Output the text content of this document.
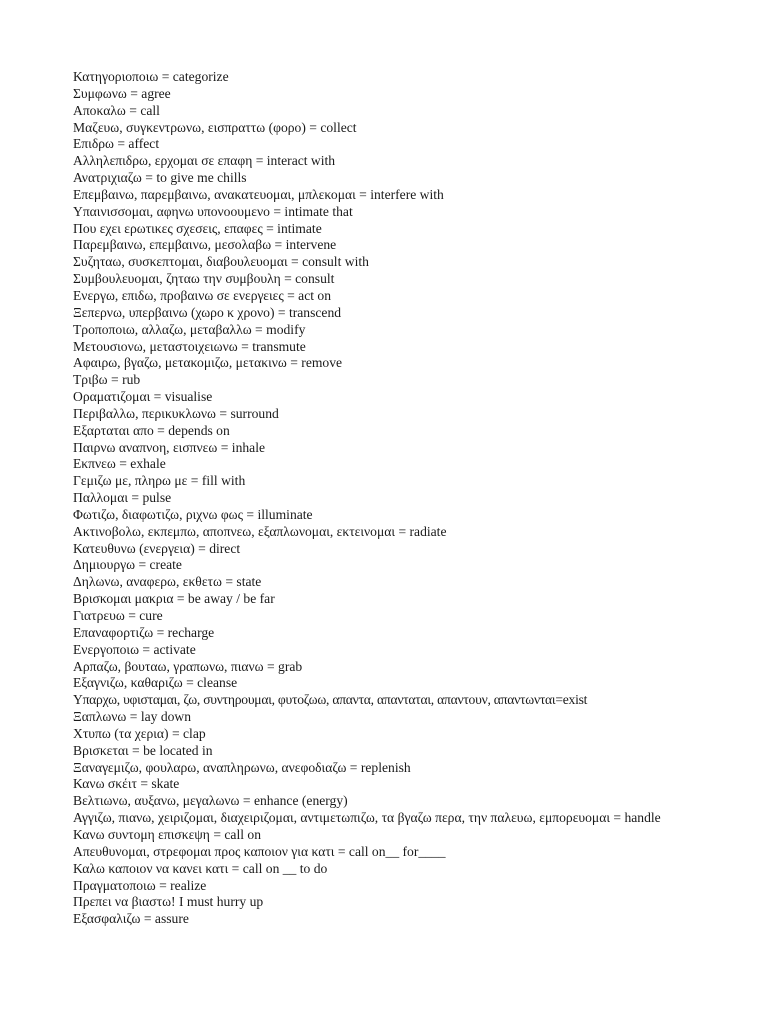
Κατηγοριοποιω = categorize
Συμφωνω = agree
Αποκαλω = call
Μαζευω, συγκεντρωνω, εισπραττω (φορο) = collect
Επιδρω = affect
Αλληλεπιδρω, ερχομαι σε επαφη = interact with
Ανατριχιαζω = to give me chills
Επεμβαινω, παρεμβαινω, ανακατευομαι, μπλεκομαι = interfere with
Υπαινισσομαι, αφηνω υπονοουμενο = intimate that
Που εχει ερωτικες σχεσεις, επαφες = intimate
Παρεμβαινω, επεμβαινω, μεσολαβω = intervene
Συζηταω, συσκεπτομαι, διαβουλευομαι = consult with
Συμβουλευομαι, ζηταω την συμβουλη = consult
Ενεργω, επιδω, προβαινω σε ενεργειες = act on
Ξεπερνω, υπερβαινω (χωρο κ χρονο) = transcend
Τροποποιω, αλλαζω, μεταβαλλω = modify
Μετουσιονω, μεταστοιχειωνω = transmute
Αφαιρω, βγαζω, μετακομιζω, μετακινω = remove
Τριβω = rub
Οραματιζομαι = visualise
Περιβαλλω, περικυκλωνω = surround
Εξαρταται απο = depends on
Παιρνω αναπνοη, εισπνεω = inhale
Εκπνεω = exhale
Γεμιζω με, πληρω με = fill with
Παλλομαι = pulse
Φωτιζω, διαφωτιζω, ριχνω φως = illuminate
Ακτινοβολω, εκπεμπω, αποπνεω, εξαπλωνομαι, εκτεινομαι = radiate
Κατευθυνω (ενεργεια) = direct
Δημιουργω = create
Δηλωνω, αναφερω, εκθετω = state
Βρισκομαι μακρια = be away / be far
Γιατρευω = cure
Επαναφορτιζω = recharge
Ενεργοποιω = activate
Αρπαζω, βουταω, γραπωνω, πιανω = grab
Εξαγνιζω, καθαριζω = cleanse
Υπαρχω, υφισταμαι, ζω, συντηρουμαι, φυτοζωω, απαντα, απανταται, απαντουν, απαντωνται=exist
Ξαπλωνω = lay down
Χτυπω (τα χερια) = clap
Βρισκεται = be located in
Ξαναγεμιζω, φουλαρω, αναπληρωνω, ανεφοδιαζω = replenish
Κανω σκέιτ = skate
Βελτιωνω, αυξανω, μεγαλωνω = enhance (energy)
Αγγιζω, πιανω, χειριζομαι, διαχειριζομαι, αντιμετωπιζω, τα βγαζω περα, την παλευω, εμπορευομαι = handle
Κανω συντομη επισκεψη = call on
Απευθυνομαι, στρεφομαι προς καποιον για κατι = call on__ for____
Καλω καποιον να κανει κατι = call on __ to do
Πραγματοποιω = realize
Πρεπει να βιαστω! I must hurry up
Εξασφαλιζω = assure
